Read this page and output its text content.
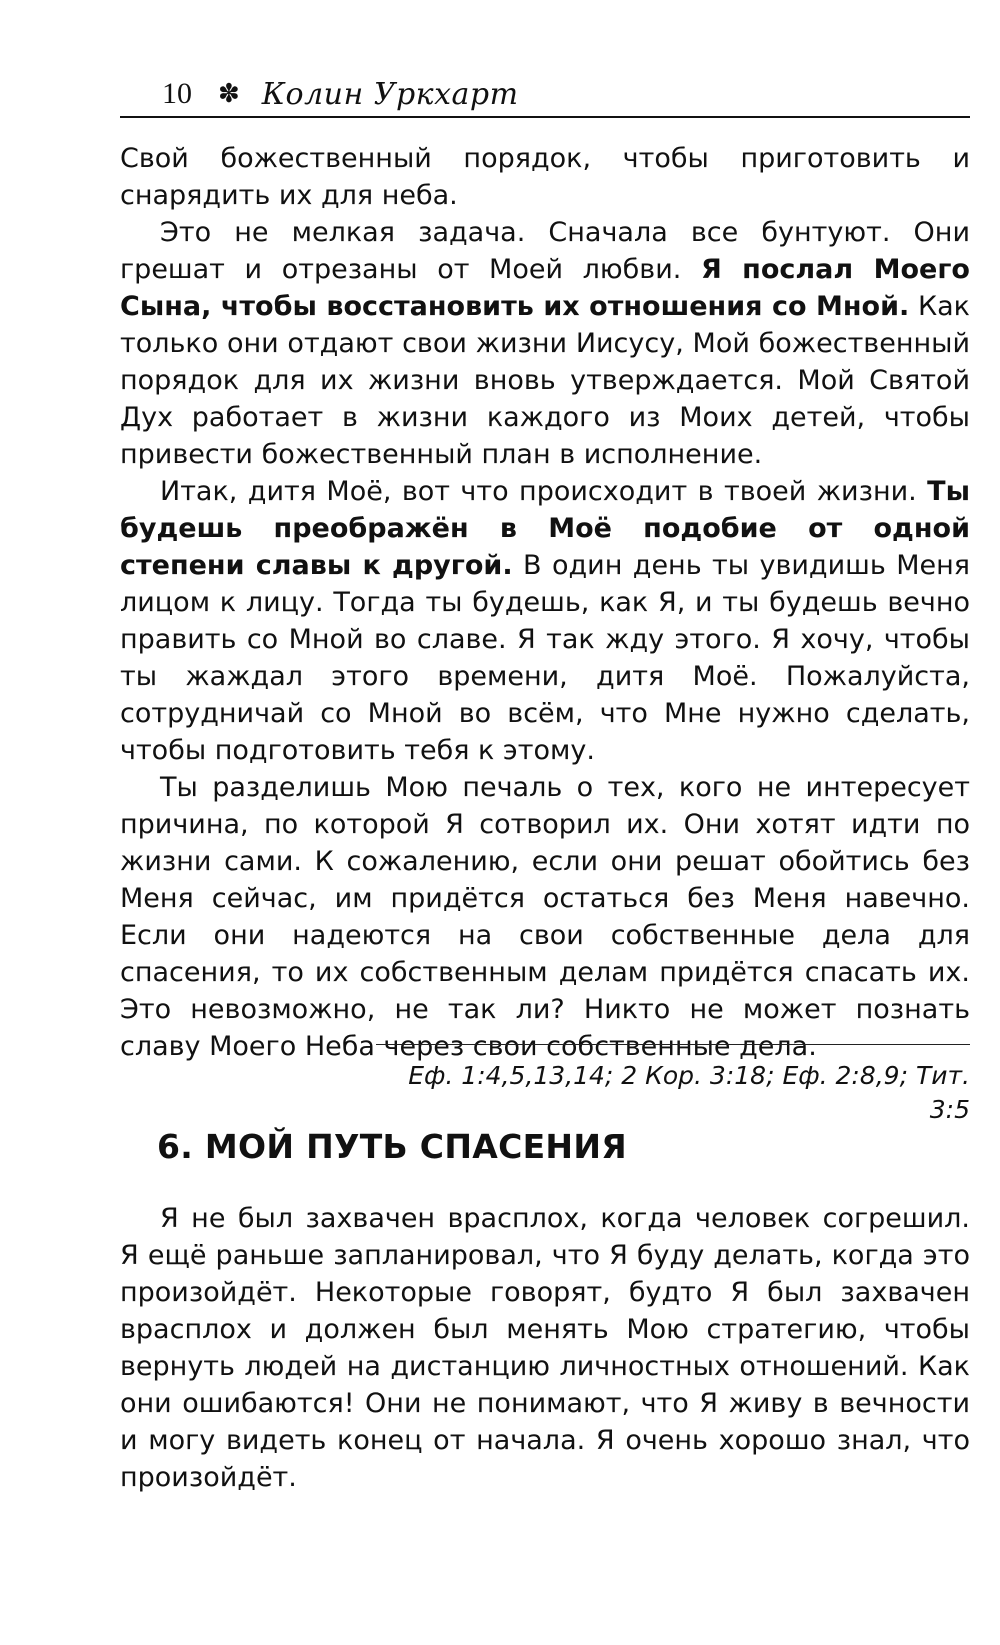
10 ✽ Колин Уркхарт

Свой божественный порядок, чтобы приготовить и снарядить их для неба.

Это не мелкая задача. Сначала все бунтуют. Они грешат и отрезаны от Моей любви. Я послал Моего Сына, чтобы восстановить их отношения со Мной. Как только они отдают свои жизни Иисусу, Мой божественный порядок для их жизни вновь утверждается. Мой Святой Дух работает в жизни каждого из Моих детей, чтобы привести божественный план в исполнение.

Итак, дитя Моё, вот что происходит в твоей жизни. Ты будешь преображён в Моё подобие от одной степени славы к другой. В один день ты увидишь Меня лицом к лицу. Тогда ты будешь, как Я, и ты будешь вечно править со Мной во славе. Я так жду этого. Я хочу, чтобы ты жаждал этого времени, дитя Моё. Пожалуйста, сотрудничай со Мной во всём, что Мне нужно сделать, чтобы подготовить тебя к этому.

Ты разделишь Мою печаль о тех, кого не интересует причина, по которой Я сотворил их. Они хотят идти по жизни сами. К сожалению, если они решат обойтись без Меня сейчас, им придётся остаться без Меня навечно. Если они надеются на свои собственные дела для спасения, то их собственным делам придётся спасать их. Это невозможно, не так ли? Никто не может познать славу Моего Неба через свои собственные дела.

Еф. 1:4,5,13,14; 2 Кор. 3:18; Еф. 2:8,9; Тит. 3:5
6. МОЙ ПУТЬ СПАСЕНИЯ

Я не был захвачен врасплох, когда человек согрешил. Я ещё раньше запланировал, что Я буду делать, когда это произойдёт. Некоторые говорят, будто Я был захвачен врасплох и должен был менять Мою стратегию, чтобы вернуть людей на дистанцию личностных отношений. Как они ошибаются! Они не понимают, что Я живу в вечности и могу видеть конец от начала. Я очень хорошо знал, что произойдёт.
